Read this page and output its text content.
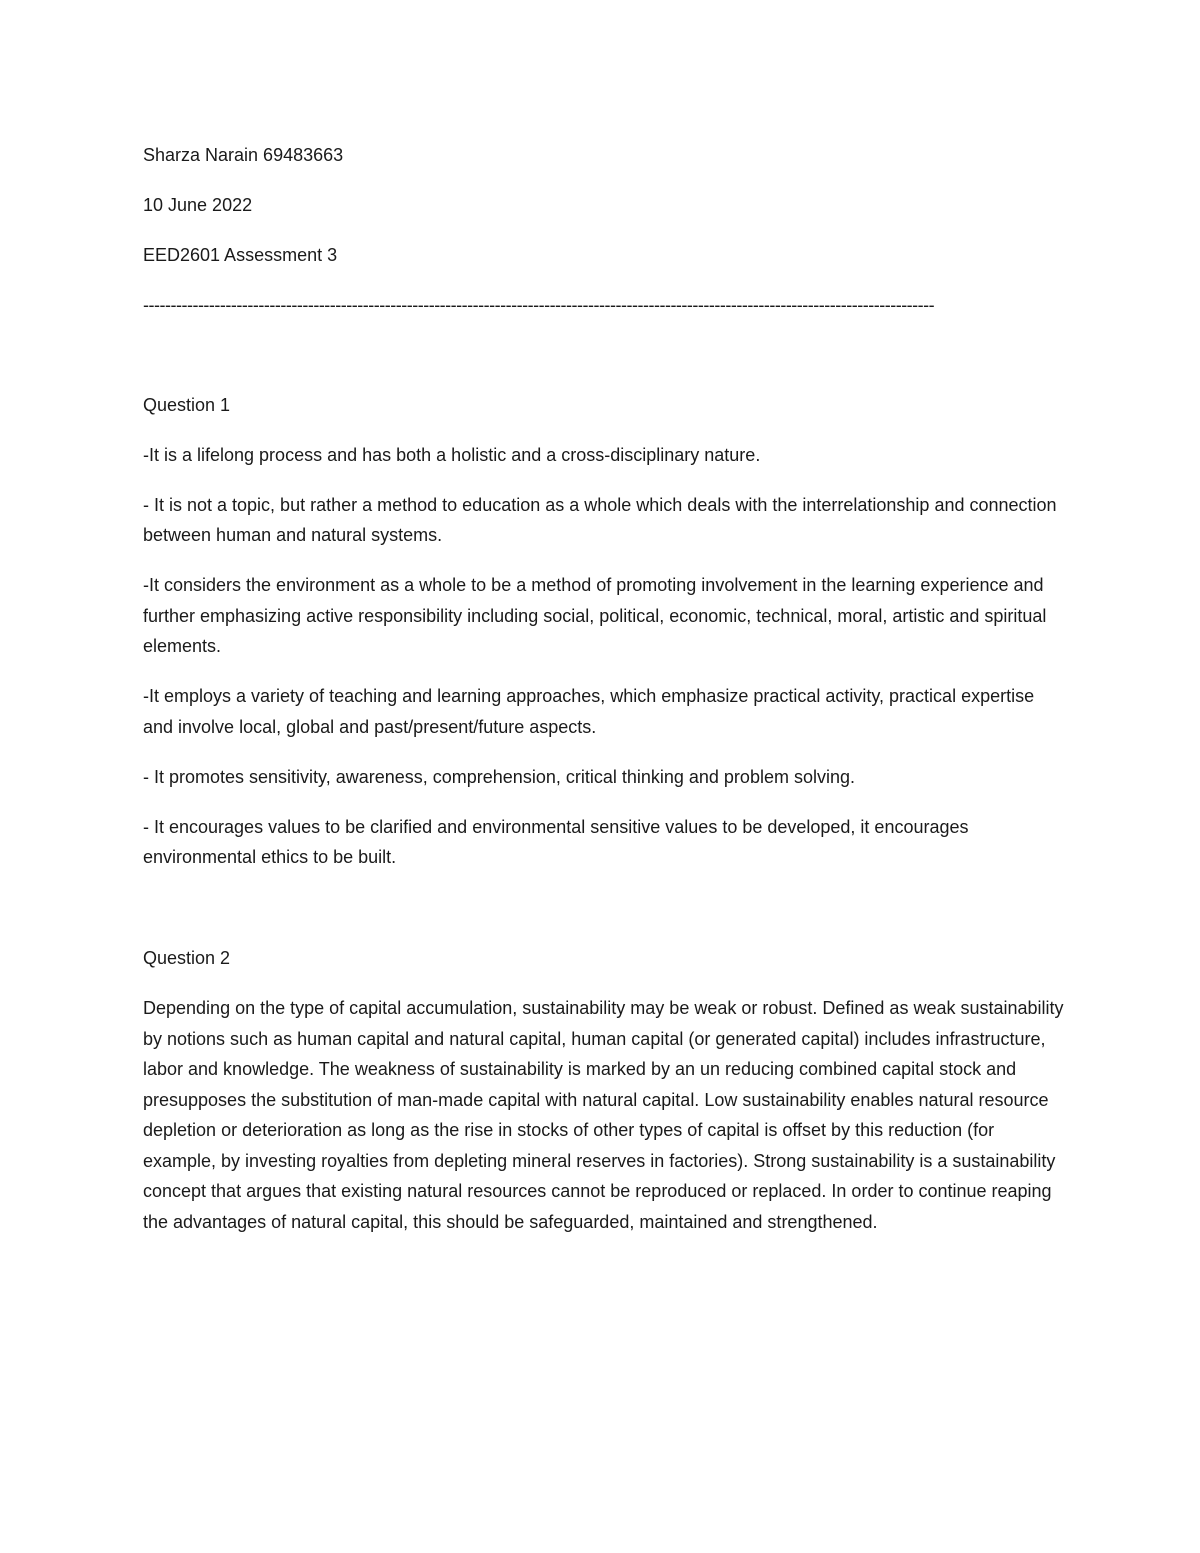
Sharza Narain 69483663

10 June 2022

EED2601 Assessment 3

------------------------------------------------------------------------------------------------------------------------------------------------

Question 1

-It is a lifelong process and has both a holistic and a cross-disciplinary nature.

- It is not a topic, but rather a method to education as a whole which deals with the interrelationship and connection between human and natural systems.

-It considers the environment as a whole to be a method of promoting involvement in the learning experience and further emphasizing active responsibility including social, political, economic, technical, moral, artistic and spiritual elements.

-It employs a variety of teaching and learning approaches, which emphasize practical activity, practical expertise and involve local, global and past/present/future aspects.

- It promotes sensitivity, awareness, comprehension, critical thinking and problem solving.

- It encourages values to be clarified and environmental sensitive values to be developed, it encourages environmental ethics to be built.

Question 2

Depending on the type of capital accumulation, sustainability may be weak or robust. Defined as weak sustainability by notions such as human capital and natural capital, human capital (or generated capital) includes infrastructure, labor and knowledge. The weakness of sustainability is marked by an un reducing combined capital stock and presupposes the substitution of man-made capital with natural capital. Low sustainability enables natural resource depletion or deterioration as long as the rise in stocks of other types of capital is offset by this reduction (for example, by investing royalties from depleting mineral reserves in factories). Strong sustainability is a sustainability concept that argues that existing natural resources cannot be reproduced or replaced. In order to continue reaping the advantages of natural capital, this should be safeguarded, maintained and strengthened.
